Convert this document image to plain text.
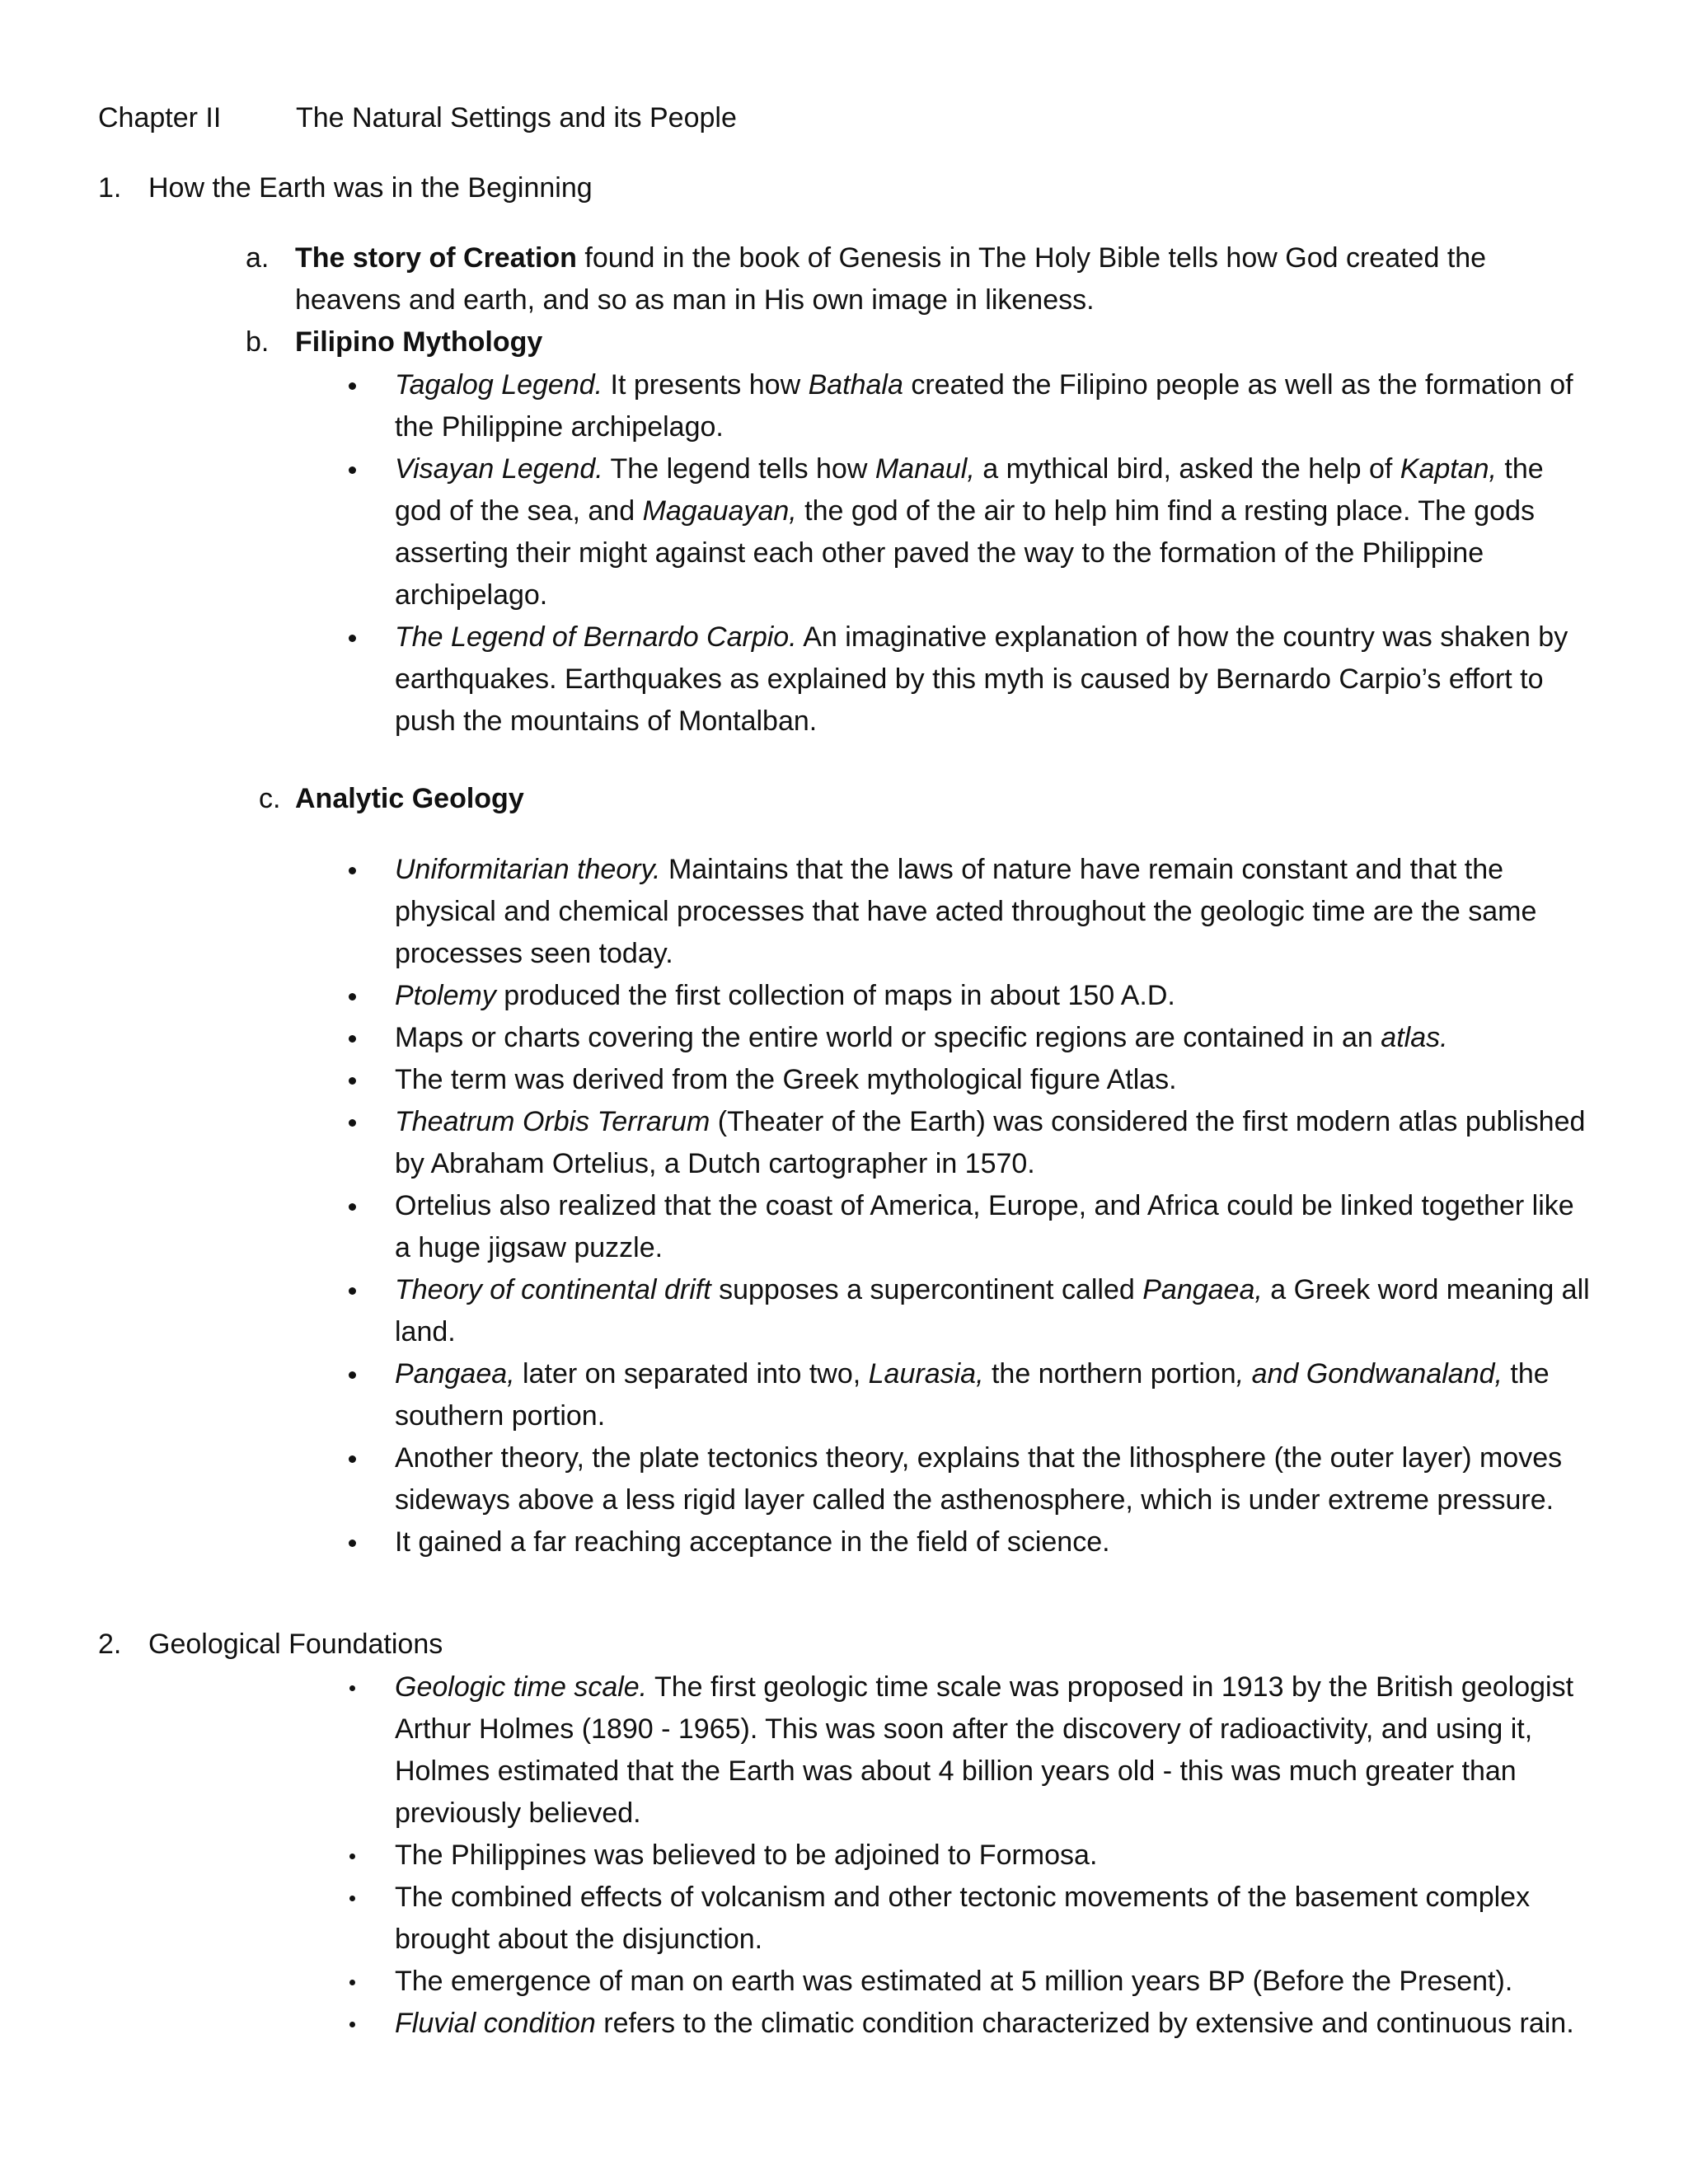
Chapter II	The Natural Settings and its People
1. How the Earth was in the Beginning
a. The story of Creation found in the book of Genesis in The Holy Bible tells how God created the heavens and earth, and so as man in His own image in likeness.
b. Filipino Mythology
Tagalog Legend. It presents how Bathala created the Filipino people as well as the formation of the Philippine archipelago.
Visayan Legend. The legend tells how Manaul, a mythical bird, asked the help of Kaptan, the god of the sea, and Magauayan, the god of the air to help him find a resting place. The gods asserting their might against each other paved the way to the formation of the Philippine archipelago.
The Legend of Bernardo Carpio. An imaginative explanation of how the country was shaken by earthquakes. Earthquakes as explained by this myth is caused by Bernardo Carpio’s effort to push the mountains of Montalban.
c. Analytic Geology
Uniformitarian theory. Maintains that the laws of nature have remain constant and that the physical and chemical processes that have acted throughout the geologic time are the same processes seen today.
Ptolemy produced the first collection of maps in about 150 A.D.
Maps or charts covering the entire world or specific regions are contained in an atlas.
The term was derived from the Greek mythological figure Atlas.
Theatrum Orbis Terrarum (Theater of the Earth) was considered the first modern atlas published by Abraham Ortelius, a Dutch cartographer in 1570.
Ortelius also realized that the coast of America, Europe, and Africa could be linked together like a huge jigsaw puzzle.
Theory of continental drift supposes a supercontinent called Pangaea, a Greek word meaning all land.
Pangaea, later on separated into two, Laurasia, the northern portion, and Gondwanaland, the southern portion.
Another theory, the plate tectonics theory, explains that the lithosphere (the outer layer) moves sideways above a less rigid layer called the asthenosphere, which is under extreme pressure.
It gained a far reaching acceptance in the field of science.
2. Geological Foundations
Geologic time scale. The first geologic time scale was proposed in 1913 by the British geologist Arthur Holmes (1890 - 1965). This was soon after the discovery of radioactivity, and using it, Holmes estimated that the Earth was about 4 billion years old - this was much greater than previously believed.
The Philippines was believed to be adjoined to Formosa.
The combined effects of volcanism and other tectonic movements of the basement complex brought about the disjunction.
The emergence of man on earth was estimated at 5 million years BP (Before the Present).
Fluvial condition refers to the climatic condition characterized by extensive and continuous rain.
